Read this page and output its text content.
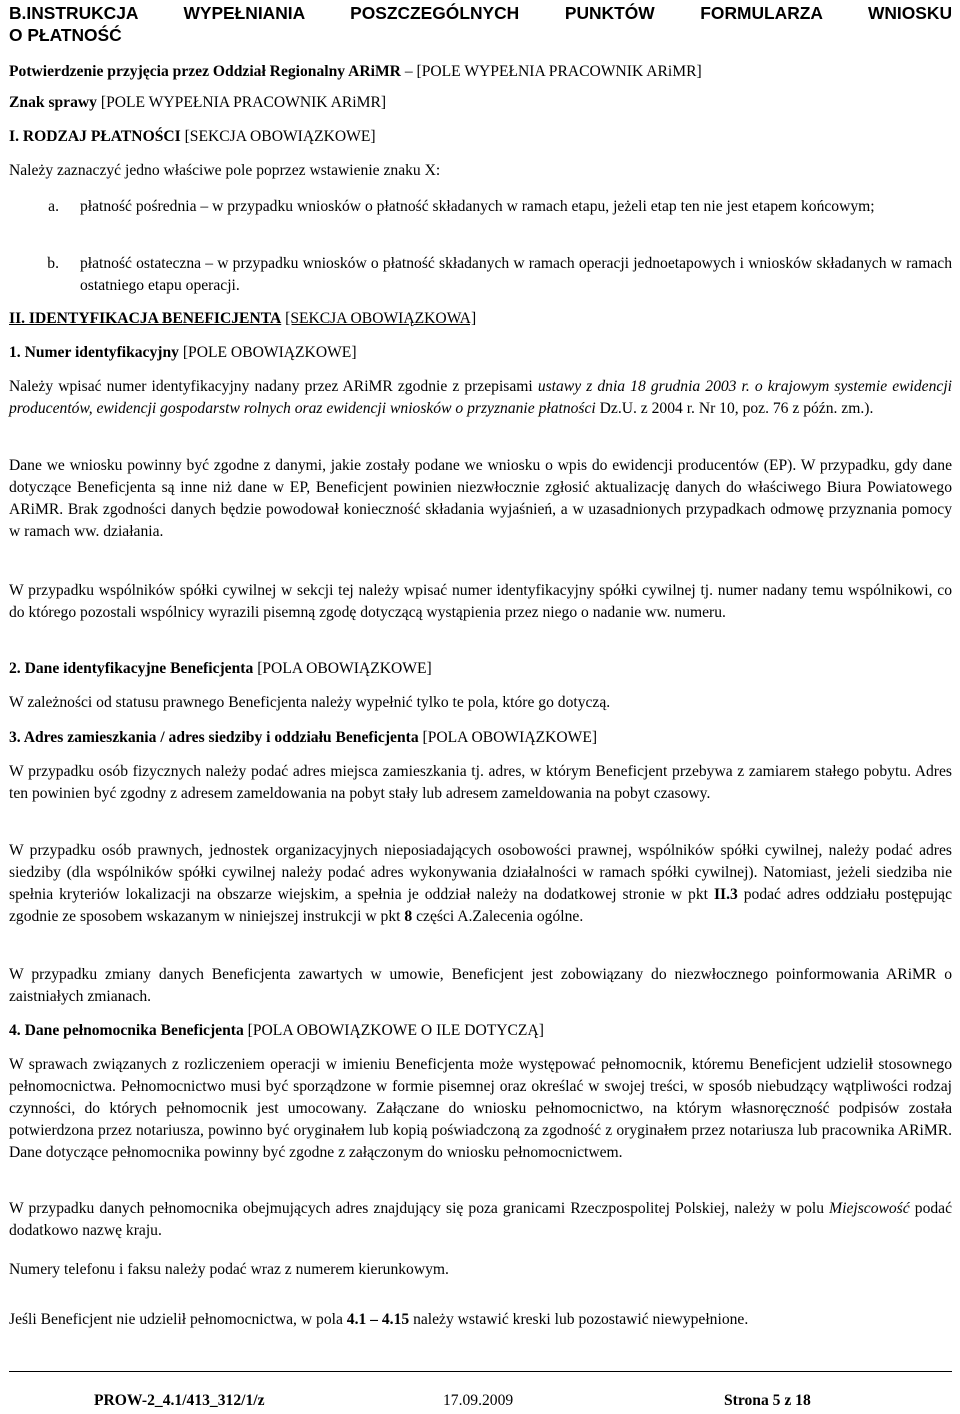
B.INSTRUKCJA WYPEŁNIANIA POSZCZEGÓLNYCH PUNKTÓW FORMULARZA WNIOSKU
O PŁATNOŚĆ
Potwierdzenie przyjęcia przez Oddział Regionalny ARiMR – [POLE WYPEŁNIA PRACOWNIK ARiMR]
Znak sprawy [POLE WYPEŁNIA PRACOWNIK ARiMR]
I. RODZAJ PŁATNOŚCI [SEKCJA OBOWIĄZKOWE]
Należy zaznaczyć jedno właściwe pole poprzez wstawienie znaku X:
a. płatność pośrednia – w przypadku wniosków o płatność składanych w ramach etapu, jeżeli etap ten nie jest etapem końcowym;

b. płatność ostateczna – w przypadku wniosków o płatność składanych w ramach operacji jednoetapowych i wniosków składanych w ramach ostatniego etapu operacji.

II. IDENTYFIKACJA BENEFICJENTA [SEKCJA OBOWIĄZKOWA]
1. Numer identyfikacyjny [POLE OBOWIĄZKOWE]

Należy wpisać numer identyfikacyjny nadany przez ARiMR zgodnie z przepisami ustawy z dnia 18 grudnia 2003 r. o krajowym systemie ewidencji producentów, ewidencji gospodarstw rolnych oraz ewidencji wniosków o przyznanie płatności Dz.U. z 2004 r. Nr 10, poz. 76 z późn. zm.).

Dane we wniosku powinny być zgodne z danymi, jakie zostały podane we wniosku o wpis do ewidencji producentów (EP). W przypadku, gdy dane dotyczące Beneficjenta są inne niż dane w EP, Beneficjent powinien niezwłocznie zgłosić aktualizację danych do właściwego Biura Powiatowego ARiMR. Brak zgodności danych będzie powodował konieczność składania wyjaśnień, a w uzasadnionych przypadkach odmowę przyznania pomocy w ramach ww. działania.

W przypadku wspólników spółki cywilnej w sekcji tej należy wpisać numer identyfikacyjny spółki cywilnej tj. numer nadany temu wspólnikowi, co do którego pozostali wspólnicy wyrazili pisemną zgodę dotyczącą wystąpienia przez niego o nadanie ww. numeru.

2. Dane identyfikacyjne Beneficjenta [POLA OBOWIĄZKOWE]

W zależności od statusu prawnego Beneficjenta należy wypełnić tylko te pola, które go dotyczą.

3. Adres zamieszkania / adres siedziby i oddziału Beneficjenta [POLA OBOWIĄZKOWE]

W przypadku osób fizycznych należy podać adres miejsca zamieszkania tj. adres, w którym Beneficjent przebywa z zamiarem stałego pobytu. Adres ten powinien być zgodny z adresem zameldowania na pobyt stały lub adresem zameldowania na pobyt czasowy.

W przypadku osób prawnych, jednostek organizacyjnych nieposiadających osobowości prawnej, wspólników spółki cywilnej, należy podać adres siedziby (dla wspólników spółki cywilnej należy podać adres wykonywania działalności w ramach spółki cywilnej). Natomiast, jeżeli siedziba nie spełnia kryteriów lokalizacji na obszarze wiejskim, a spełnia je oddział należy na dodatkowej stronie w pkt II.3 podać adres oddziału postępując zgodnie ze sposobem wskazanym w niniejszej instrukcji w pkt 8 części A.Zalecenia ogólne.

W przypadku zmiany danych Beneficjenta zawartych w umowie, Beneficjent jest zobowiązany do niezwłocznego poinformowania ARiMR o zaistniałych zmianach.

4. Dane pełnomocnika Beneficjenta [POLA OBOWIĄZKOWE O ILE DOTYCZĄ]

W sprawach związanych z rozliczeniem operacji w imieniu Beneficjenta może występować pełnomocnik, któremu Beneficjent udzielił stosownego pełnomocnictwa. Pełnomocnictwo musi być sporządzone w formie pisemnej oraz określać w swojej treści, w sposób niebudzący wątpliwości rodzaj czynności, do których pełnomocnik jest umocowany. Załączane do wniosku pełnomocnictwo, na którym własnoręczność podpisów została potwierdzona przez notariusza, powinno być oryginałem lub kopią poświadczoną za zgodność z oryginałem przez notariusza lub pracownika ARiMR. Dane dotyczące pełnomocnika powinny być zgodne z załączonym do wniosku pełnomocnictwem.

W przypadku danych pełnomocnika obejmujących adres znajdujący się poza granicami Rzeczpospolitej Polskiej, należy w polu Miejscowość podać dodatkowo nazwę kraju.

Numery telefonu i faksu należy podać wraz z numerem kierunkowym.

Jeśli Beneficjent nie udzielił pełnomocnictwa, w pola 4.1 – 4.15 należy wstawić kreski lub pozostawić niewypełnione.

PROW-2_4.1/413_312/1/z	17.09.2009	Strona 5 z 18
